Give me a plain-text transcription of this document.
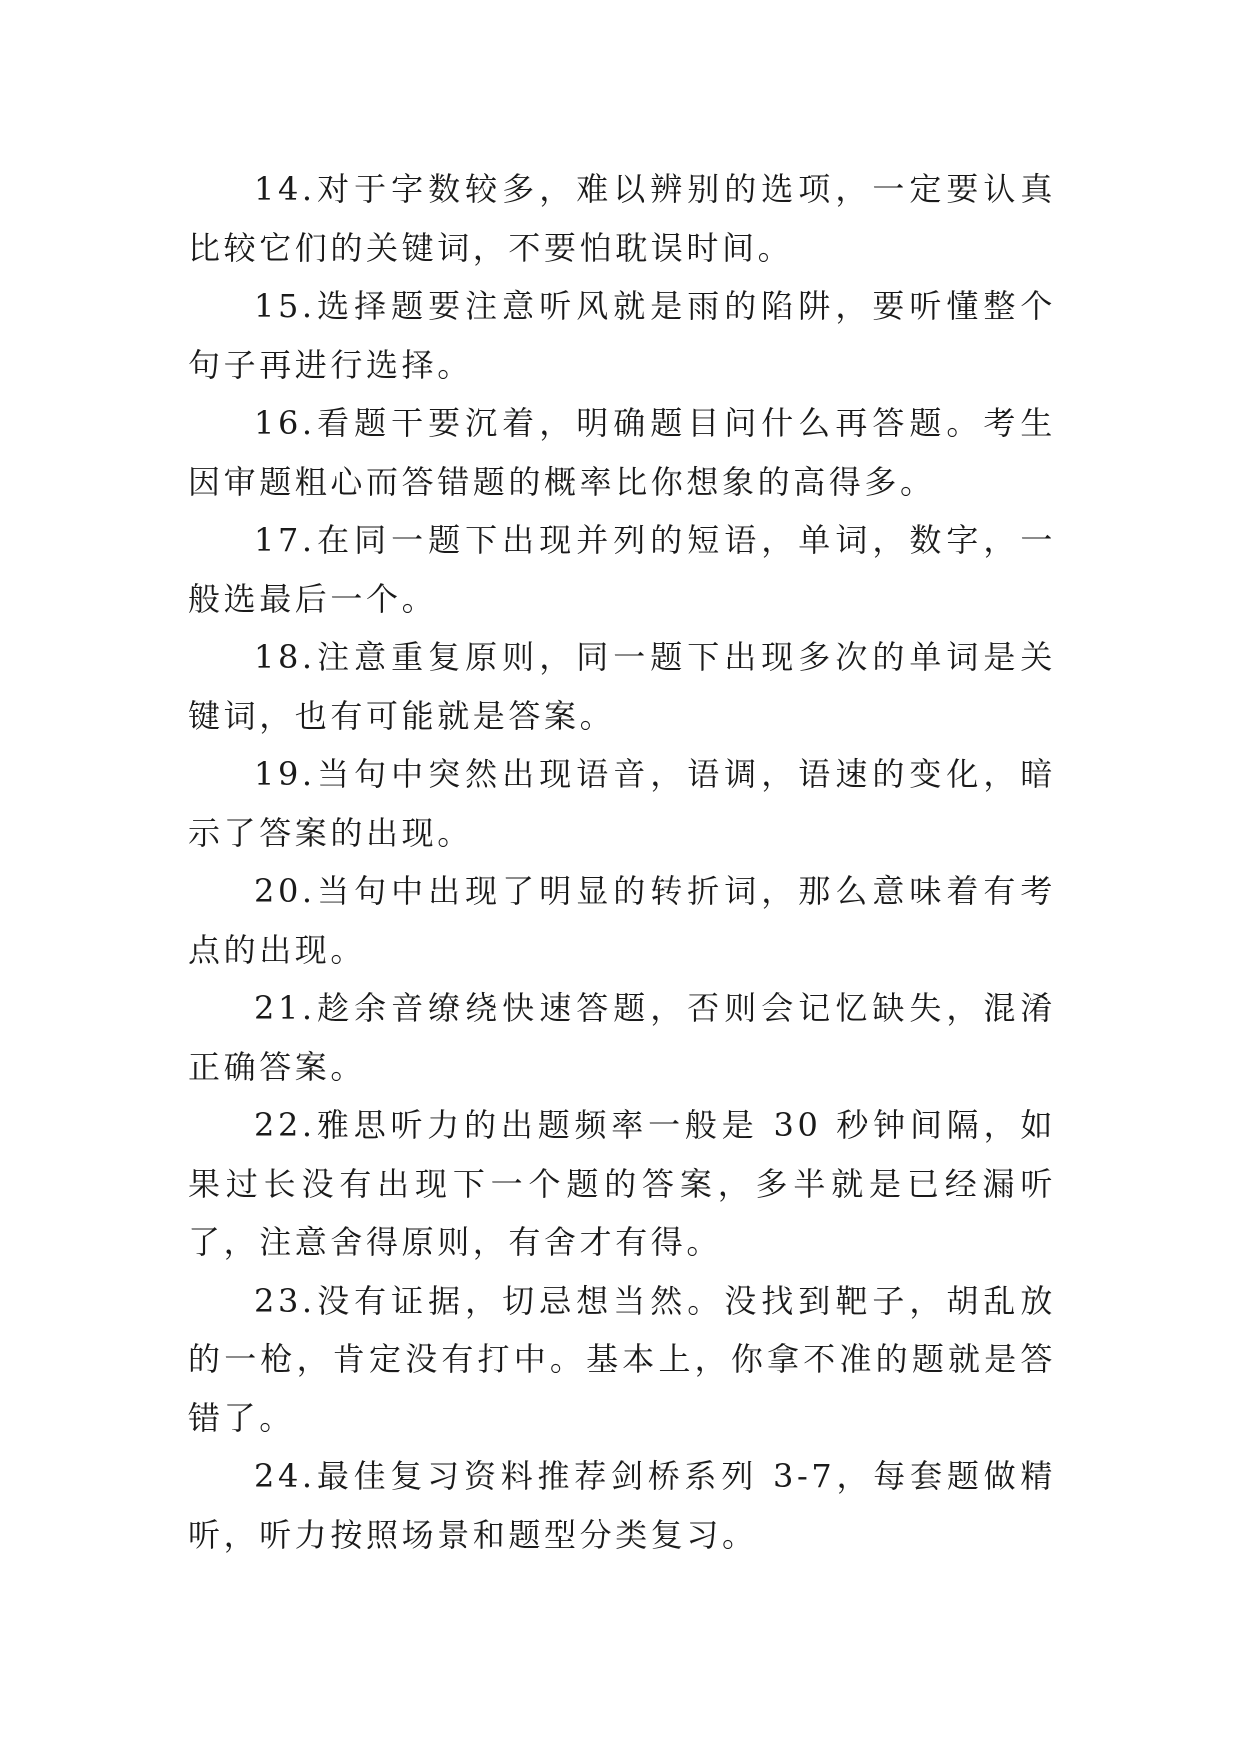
14.对于字数较多，难以辨别的选项，一定要认真比较它们的关键词，不要怕耽误时间。

15.选择题要注意听风就是雨的陷阱，要听懂整个句子再进行选择。

16.看题干要沉着，明确题目问什么再答题。考生因审题粗心而答错题的概率比你想象的高得多。

17.在同一题下出现并列的短语，单词，数字，一般选最后一个。

18.注意重复原则，同一题下出现多次的单词是关键词，也有可能就是答案。

19.当句中突然出现语音，语调，语速的变化，暗示了答案的出现。

20.当句中出现了明显的转折词，那么意味着有考点的出现。

21.趁余音缭绕快速答题，否则会记忆缺失，混淆正确答案。

22.雅思听力的出题频率一般是 30 秒钟间隔，如果过长没有出现下一个题的答案，多半就是已经漏听了，注意舍得原则，有舍才有得。

23.没有证据，切忌想当然。没找到靶子，胡乱放的一枪，肯定没有打中。基本上，你拿不准的题就是答错了。

24.最佳复习资料推荐剑桥系列 3-7，每套题做精听，听力按照场景和题型分类复习。
